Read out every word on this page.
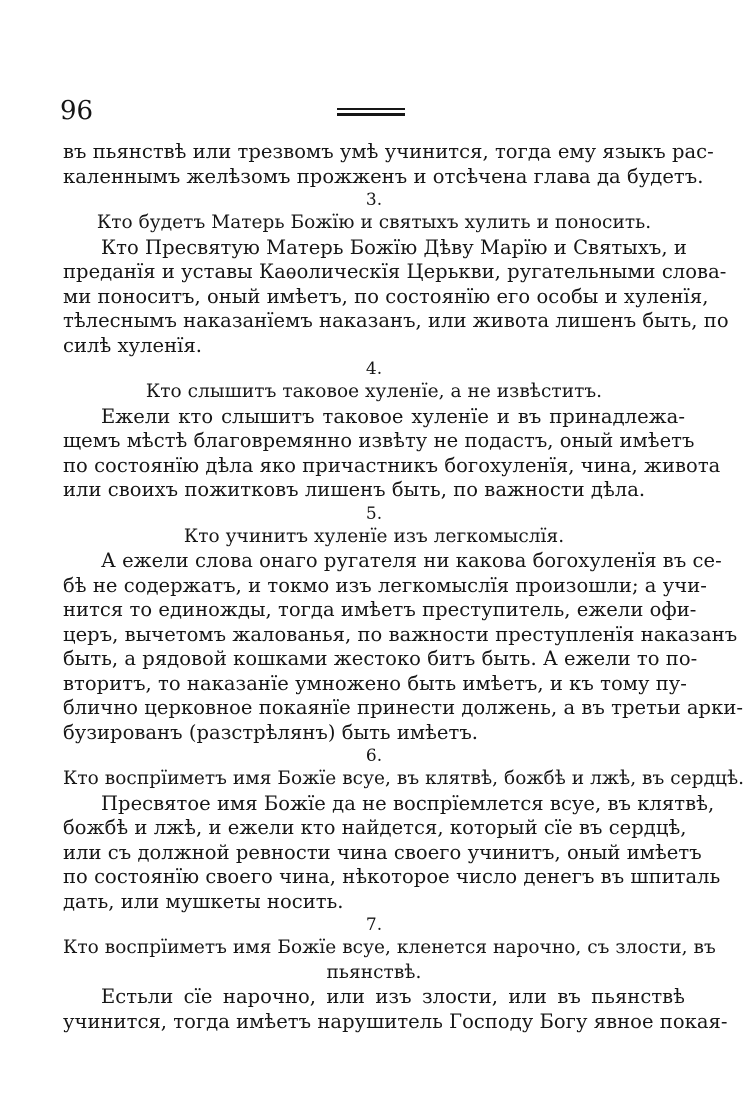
96
въ пьянствѣ или трезвомъ умѣ учинится, тогда ему языкъ рас-
каленнымъ желѣзомъ прожженъ и отсѣчена глава да будетъ.
3.
Кто будетъ Матерь Божїю и святыхъ хулить и поносить.
Кто Пресвятую Матерь Божїю Дѣву Марїю и Святыхъ, и
преданїя и уставы Каѳолическїя Церькви, ругательными слова-
ми поноситъ, оный имѣетъ, по состоянїю его особы и хуленїя,
тѣлеснымъ наказанїемъ наказанъ, или живота лишенъ быть, по
силѣ хуленїя.
4.
Кто слышитъ таковое хуленїе, а не извѣститъ.
Ежели кто слышитъ таковое хуленїе и въ принадлежа-
щемъ мѣстѣ благовремянно извѣту не подастъ, оный имѣетъ
по состоянїю дѣла яко причастникъ богохуленїя, чина, живота
или своихъ пожитковъ лишенъ быть, по важности дѣла.
5.
Кто учинитъ хуленїе изъ легкомыслїя.
А ежели слова онаго ругателя ни какова богохуленїя въ се-
бѣ не содержатъ, и токмо изъ легкомыслїя произошли; а учи-
нится то единожды, тогда имѣетъ преступитель, ежели офи-
церъ, вычетомъ жалованья, по важности преступленїя наказанъ
быть, а рядовой кошками жестоко битъ быть. А ежели то по-
вторитъ, то наказанїе умножено быть имѣетъ, и къ тому пу-
блично церковное покаянїе принести должень, а въ третьи арки-
бузированъ (разстрѣлянъ) быть имѣетъ.
6.
Кто воспрїиметъ имя Божїе всуе, въ клятвѣ, божбѣ и лжѣ, въ сердцѣ.
Пресвятое имя Божїе да не воспрїемлется всуе, въ клятвѣ,
божбѣ и лжѣ, и ежели кто найдется, который сїе въ сердцѣ,
или съ должной ревности чина своего учинитъ, оный имѣетъ
по состоянїю своего чина, нѣкоторое число денегъ въ шпиталь
дать, или мушкеты носить.
7.
Кто воспрїиметъ имя Божїе всуе, кленется нарочно, съ злости, въ
пьянствѣ.
Естьли сїе нарочно, или изъ злости, или въ пьянствѣ
учинится, тогда имѣетъ нарушитель Господу Богу явное покая-
